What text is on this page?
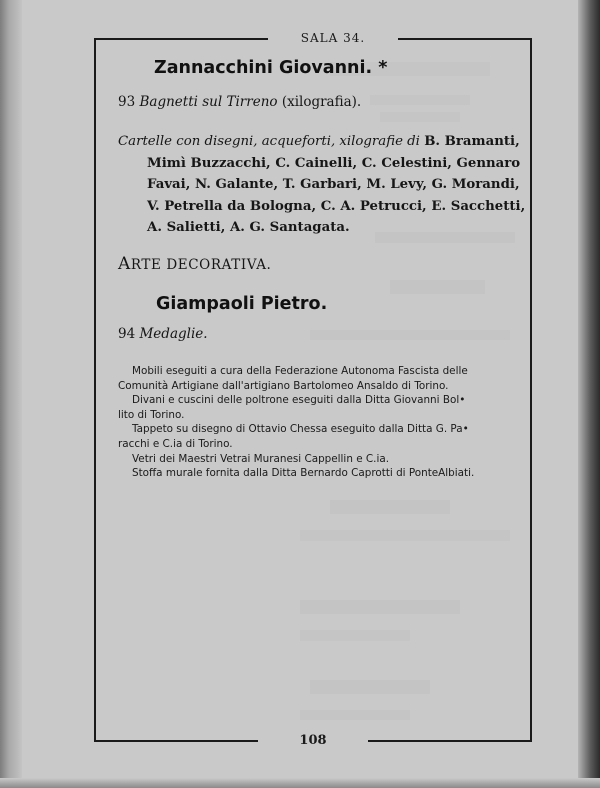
SALA 34.
108
Zannacchini Giovanni. *
93 Bagnetti sul Tirreno (xilografia).
Cartelle con disegni, acqueforti, xilografie di B. Bramanti,
Mimì Buzzacchi, C. Cainelli, C. Celestini, Gennaro
Favai, N. Galante, T. Garbari, M. Levy, G. Morandi,
V. Petrella da Bologna, C. A. Petrucci, E. Sacchetti,
A. Salietti, A. G. Santagata.
ARTE DECORATIVA.
Giampaoli Pietro.
94 Medaglie.
Mobili eseguiti a cura della Federazione Autonoma Fascista delle
Comunità Artigiane dall'artigiano Bartolomeo Ansaldo di Torino.
Divani e cuscini delle poltrone eseguiti dalla Ditta Giovanni Bol•
lito di Torino.
Tappeto su disegno di Ottavio Chessa eseguito dalla Ditta G. Pa•
racchi e C.ia di Torino.
Vetri dei Maestri Vetrai Muranesi Cappellin e C.ia.
Stoffa murale fornita dalla Ditta Bernardo Caprotti di PonteAlbiati.
